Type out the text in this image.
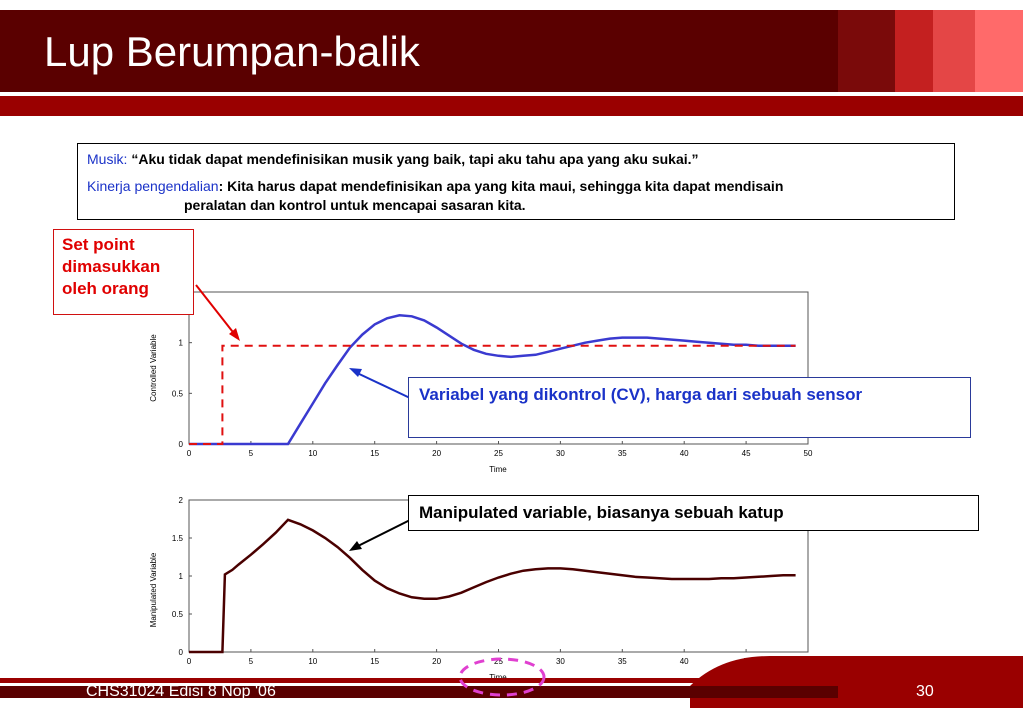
Lup Berumpan-balik
Musik: “Aku tidak dapat mendefinisikan musik yang baik, tapi aku tahu apa yang aku sukai.”
Kinerja pengendalian: Kita harus dapat mendefinisikan apa yang kita maui, sehingga kita dapat mendisain
peralatan dan kontrol untuk mencapai sasaran kita.
0	5	10	15	20	25	30	35	40	45	50
0
0.5
1
Controlled Variable
Time
0	5	10	15	20	25	30	35	40
0
0.5
1
1.5
2
Manipulated Variable
Set point dimasukkan oleh orang
Variabel yang dikontrol (CV), harga dari sebuah sensor
Manipulated variable, biasanya sebuah katup
CHS31024 Edisi 8 Nop '06	30
